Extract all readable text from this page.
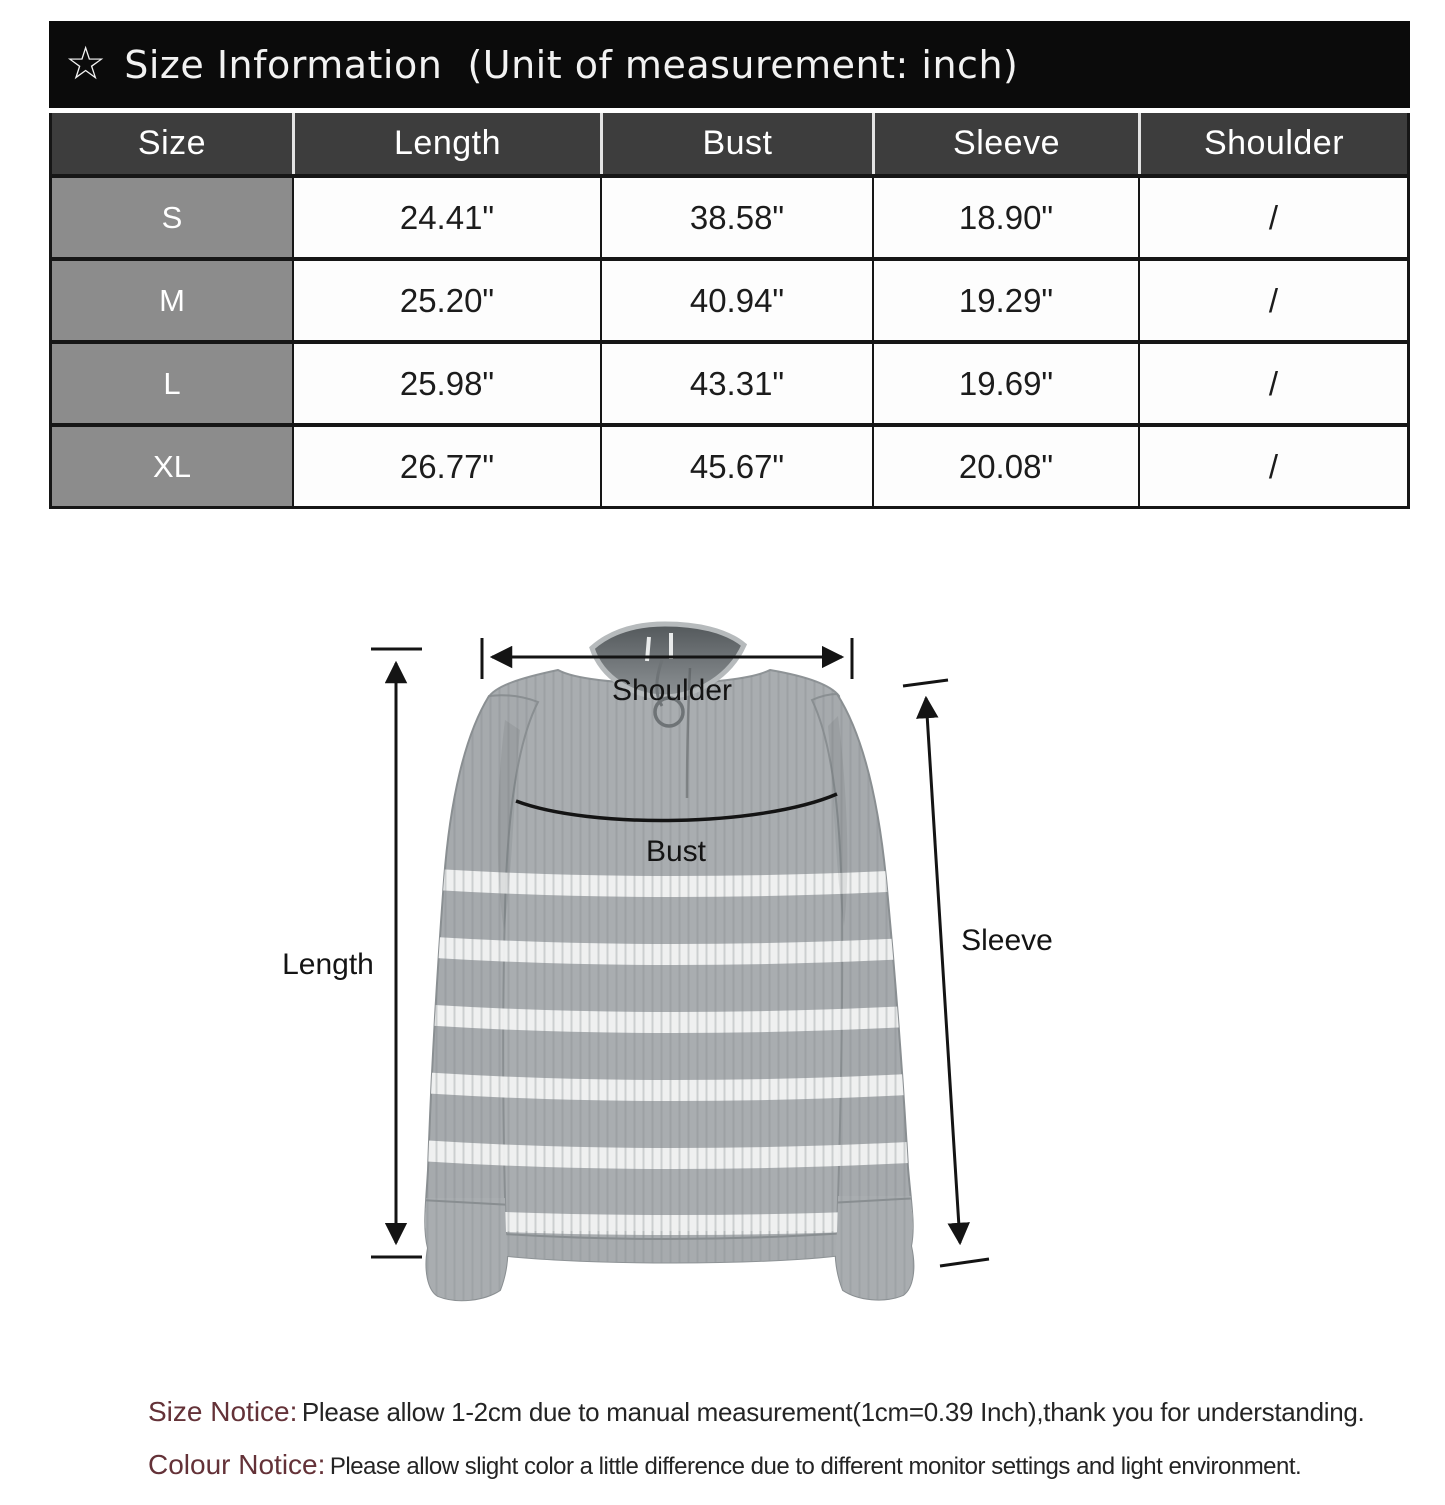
☆ Size Information  (Unit of measurement: inch)
Size	Length	Bust	Sleeve	Shoulder
S	24.41"	38.58"	18.90"	/
M	25.20"	40.94"	19.29"	/
L	25.98"	43.31"	19.69"	/
XL	26.77"	45.67"	20.08"	/
Shoulder
Bust
Length
Sleeve

Size Notice: Please allow 1-2cm due to manual measurement(1cm=0.39 Inch),thank you for understanding.

Colour Notice: Please allow slight color a little difference due to different monitor settings and light environment.
